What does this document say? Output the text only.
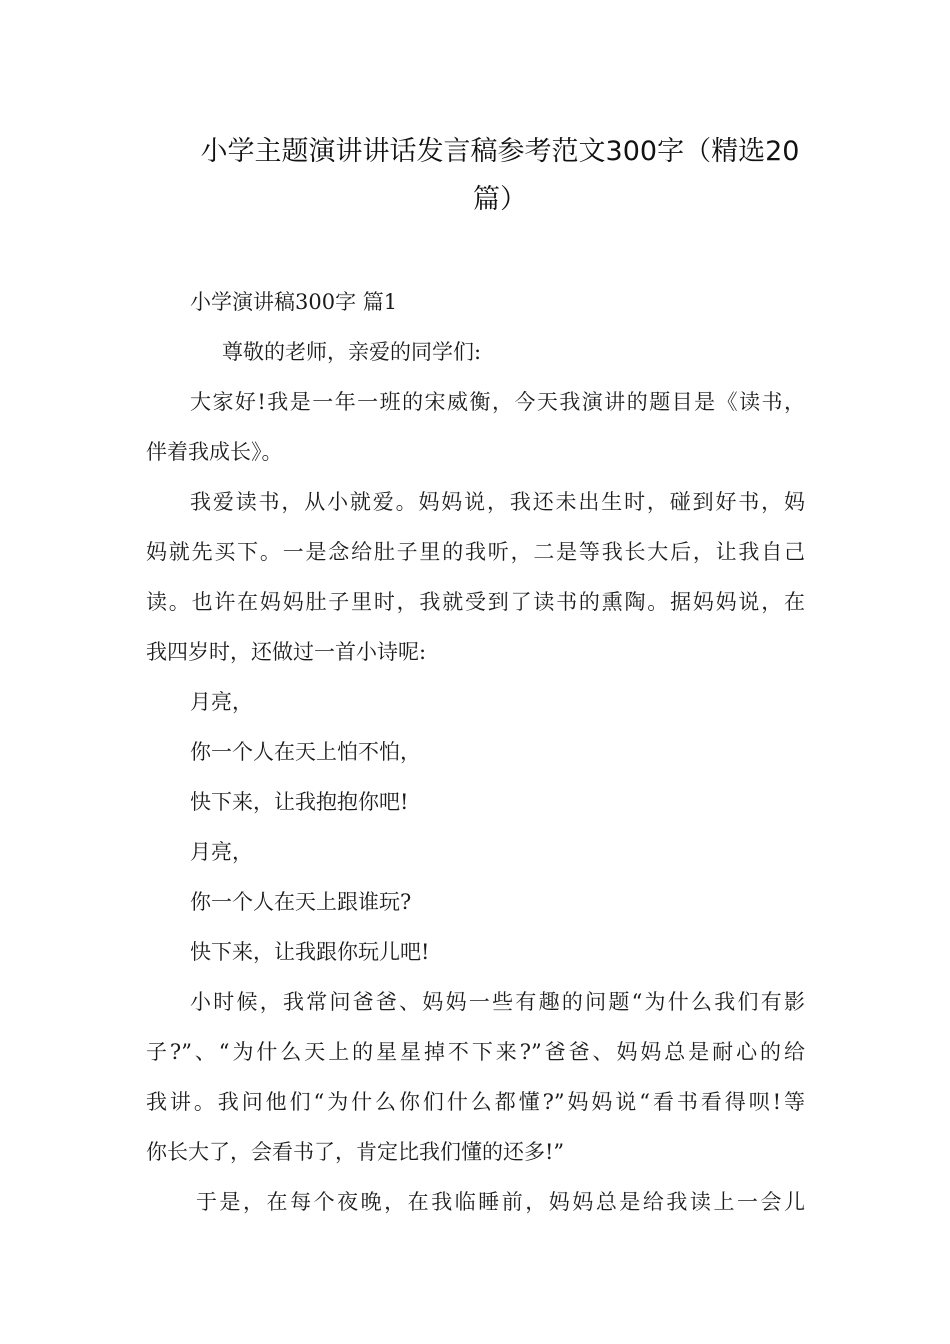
小学主题演讲讲话发言稿参考范文300字（精选20
篇）
小学演讲稿300字 篇1
尊敬的老师，亲爱的同学们:
大家好!我是一年一班的宋威衡，今天我演讲的题目是《读书，
伴着我成长》。
我爱读书，从小就爱。妈妈说，我还未出生时，碰到好书，妈
妈就先买下。一是念给肚子里的我听，二是等我长大后，让我自己
读。也许在妈妈肚子里时，我就受到了读书的熏陶。据妈妈说，在
我四岁时，还做过一首小诗呢:
月亮，
你一个人在天上怕不怕，
快下来，让我抱抱你吧!
月亮，
你一个人在天上跟谁玩?
快下来，让我跟你玩儿吧!
小时候，我常问爸爸、妈妈一些有趣的问题“为什么我们有影
子?”、“为什么天上的星星掉不下来?”爸爸、妈妈总是耐心的给
我讲。我问他们“为什么你们什么都懂?”妈妈说“看书看得呗!等
你长大了，会看书了，肯定比我们懂的还多!”
于是，在每个夜晚，在我临睡前，妈妈总是给我读上一会儿
